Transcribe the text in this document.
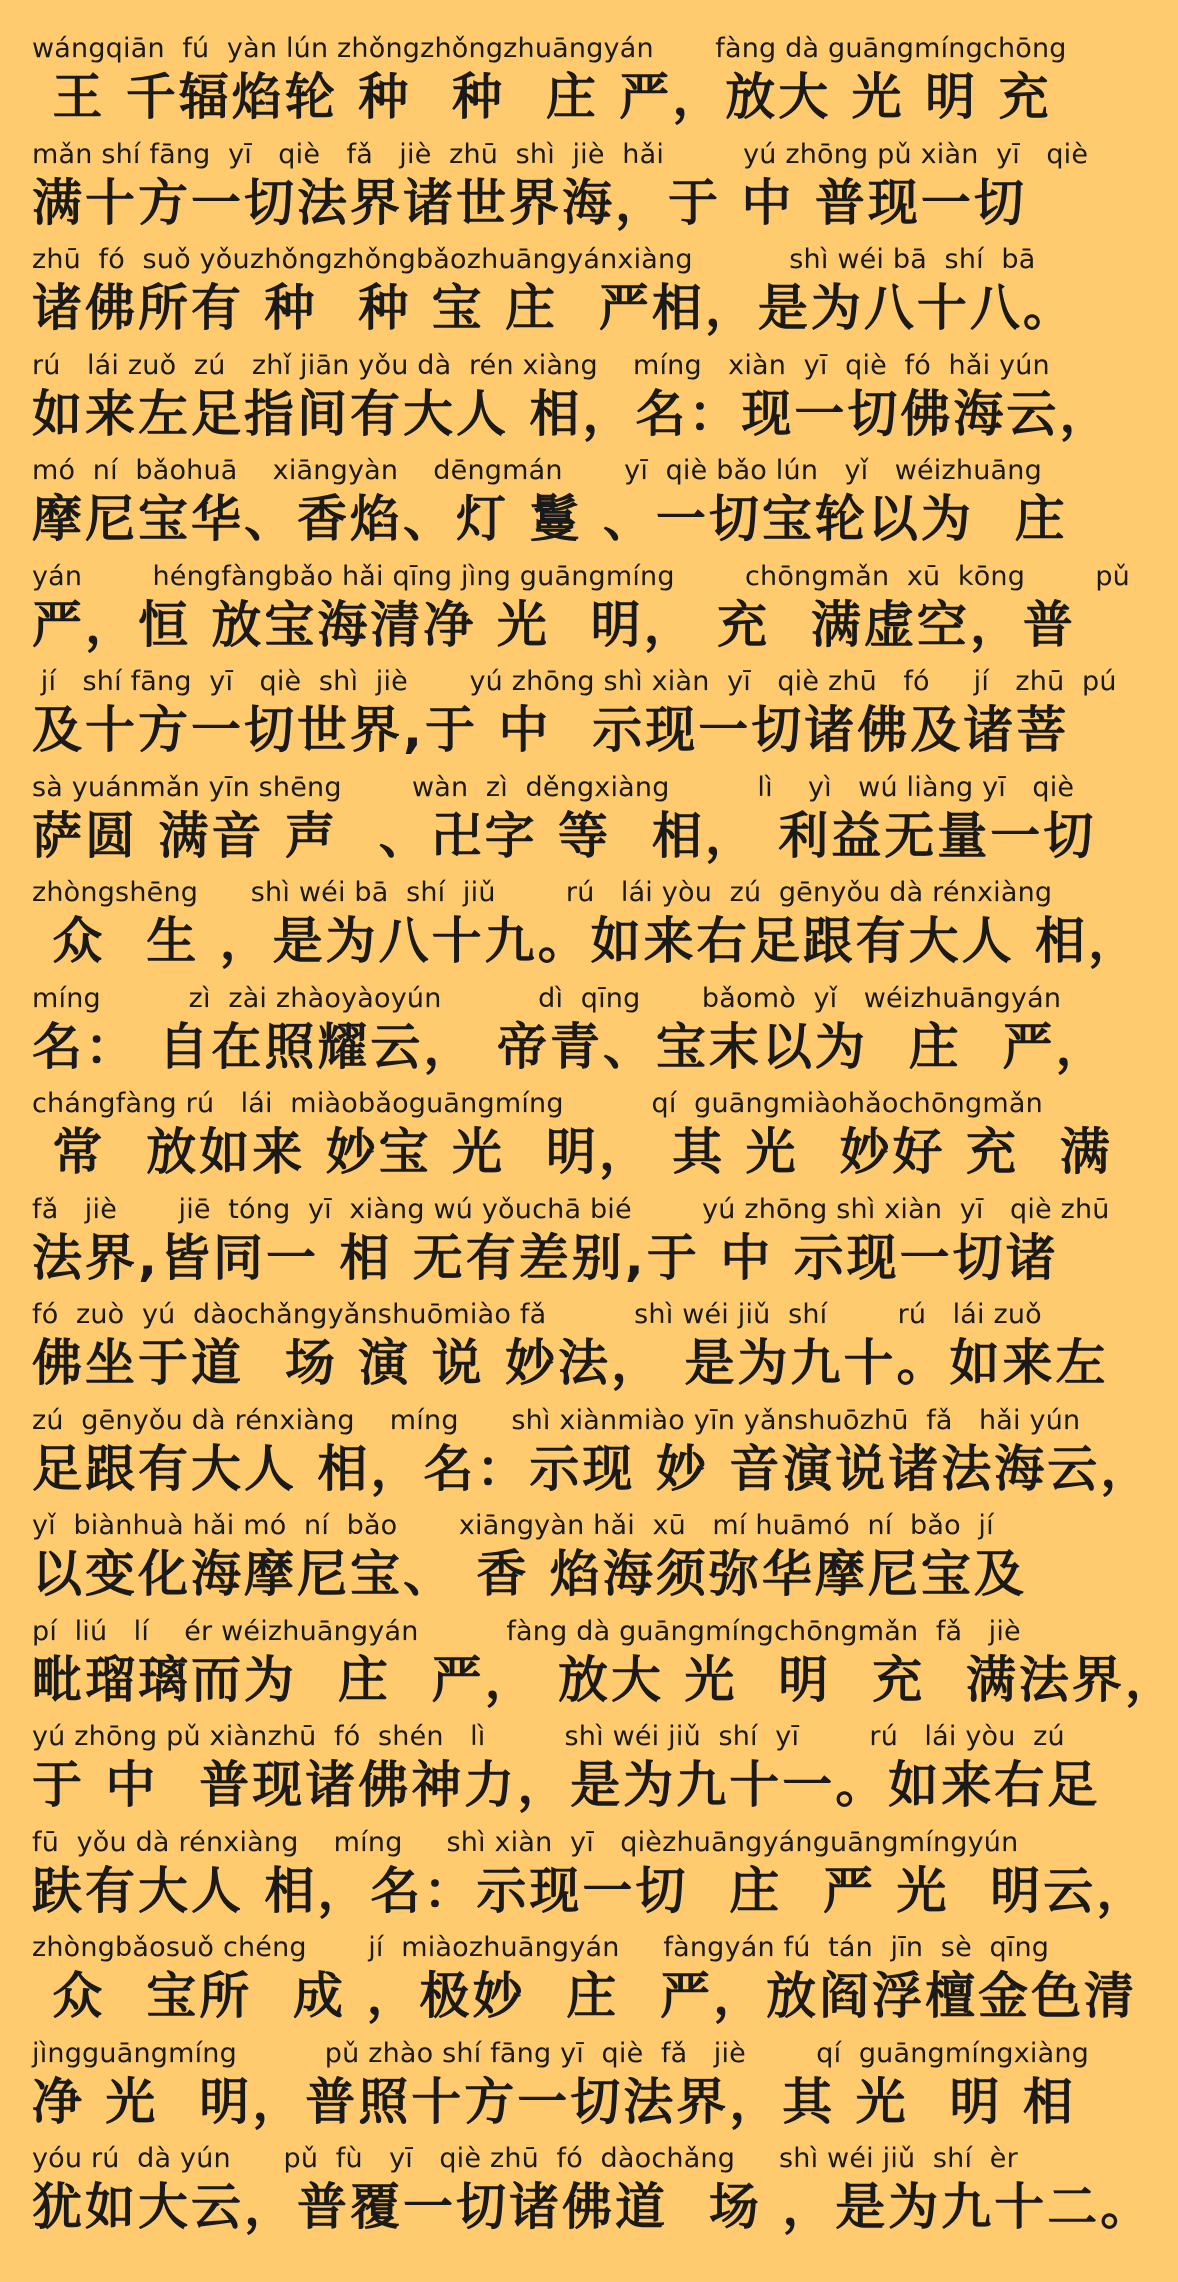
wángqiān  fú  yàn lún zhǒngzhǒngzhuāngyán       fàng dà guāngmíngchōng
王 千辐焰轮 种  种  庄 严，放大 光 明 充
mǎn shí fāng  yī   qiè   fǎ   jiè  zhū  shì  jiè  hǎi         yú zhōng pǔ xiàn  yī   qiè
满十方一切法界诸世界海，于 中 普现一切
zhū  fó  suǒ yǒuzhǒngzhǒngbǎozhuāngyánxiàng           shì wéi bā  shí  bā
诸佛所有 种  种 宝 庄  严相，是为八十八。
rú   lái zuǒ  zú   zhǐ jiān yǒu dà  rén xiàng    míng   xiàn  yī  qiè  fó  hǎi yún
如来左足指间有大人 相，名：现一切佛海云，
mó  ní  bǎohuā    xiāngyàn    dēngmán       yī  qiè bǎo lún   yǐ   wéizhuāng
摩尼宝华、香焰、灯 鬘 、一切宝轮以为  庄
yán        héngfàngbǎo hǎi qīng jìng guāngmíng        chōngmǎn  xū  kōng        pǔ
严，恒 放宝海清净 光  明， 充  满虚空，普
jí   shí fāng  yī   qiè  shì  jiè       yú zhōng shì xiàn  yī   qiè zhū   fó     jí   zhū  pú
及十方一切世界,于 中  示现一切诸佛及诸菩
sà yuánmǎn yīn shēng        wàn  zì  děngxiàng          lì    yì   wú liàng yī   qiè
萨圆 满音 声  、卍字 等  相， 利益无量一切
zhòngshēng      shì wéi bā  shí  jiǔ        rú   lái yòu  zú  gēnyǒu dà rénxiàng
众  生 ，是为八十九。如来右足跟有大人 相，
míng          zì  zài zhàoyàoyún           dì  qīng       bǎomò  yǐ   wéizhuāngyán
名： 自在照耀云， 帝青、宝末以为  庄  严，
chángfàng rú   lái  miàobǎoguāngmíng          qí  guāngmiàohǎochōngmǎn
常  放如来 妙宝 光  明， 其 光  妙好 充  满
fǎ   jiè       jiē  tóng  yī  xiàng wú yǒuchā bié        yú zhōng shì xiàn  yī   qiè zhū
法界,皆同一 相 无有差别,于 中 示现一切诸
fó  zuò  yú  dàochǎngyǎnshuōmiào fǎ          shì wéi jiǔ  shí        rú   lái zuǒ
佛坐于道  场 演 说 妙法， 是为九十。如来左
zú  gēnyǒu dà rénxiàng    míng      shì xiànmiào yīn yǎnshuōzhū  fǎ   hǎi yún
足跟有大人 相，名：示现 妙 音演说诸法海云，
yǐ  biànhuà hǎi mó  ní  bǎo       xiāngyàn hǎi  xū   mí huāmó  ní  bǎo  jí
以变化海摩尼宝、 香 焰海须弥华摩尼宝及
pí  liú   lí    ér wéizhuāngyán          fàng dà guāngmíngchōngmǎn  fǎ   jiè
毗瑠璃而为  庄  严， 放大 光  明  充  满法界，
yú zhōng pǔ xiànzhū  fó  shén   lì         shì wéi jiǔ  shí  yī        rú   lái yòu  zú
于 中  普现诸佛神力，是为九十一。如来右足
fū  yǒu dà rénxiàng    míng     shì xiàn  yī   qièzhuāngyánguāngmíngyún
趺有大人 相，名：示现一切  庄  严 光  明云，
zhòngbǎosuǒ chéng       jí  miàozhuāngyán     fàngyán fú  tán  jīn  sè  qīng
众  宝所  成 ，极妙  庄  严，放阎浮檀金色清
jìngguāngmíng          pǔ zhào shí fāng yī  qiè  fǎ   jiè        qí  guāngmíngxiàng
净 光  明，普照十方一切法界，其 光  明 相
yóu rú  dà yún      pǔ  fù   yī   qiè zhū  fó  dàochǎng     shì wéi jiǔ  shí  èr
犹如大云，普覆一切诸佛道  场 ，是为九十二。
